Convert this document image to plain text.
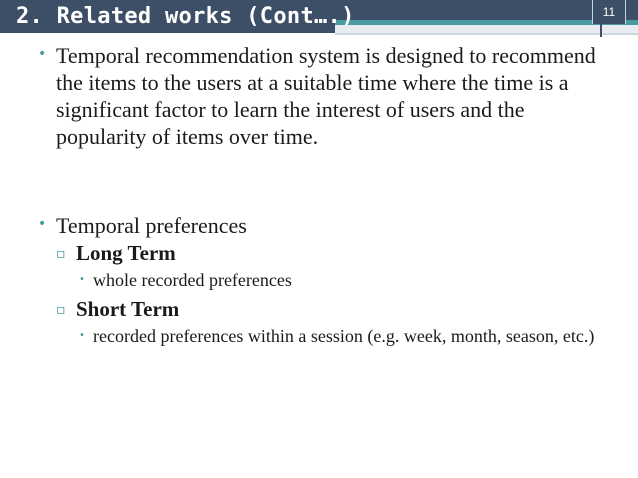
2. Related works (Cont….)	11
• Temporal recommendation system is designed to recommend the items to the users at a suitable time where the time is a significant factor to learn the interest of users and the popularity of items over time.
• Temporal preferences
▫ Long Term
• whole recorded preferences
▫ Short Term
• recorded preferences within a session (e.g. week, month, season, etc.)
